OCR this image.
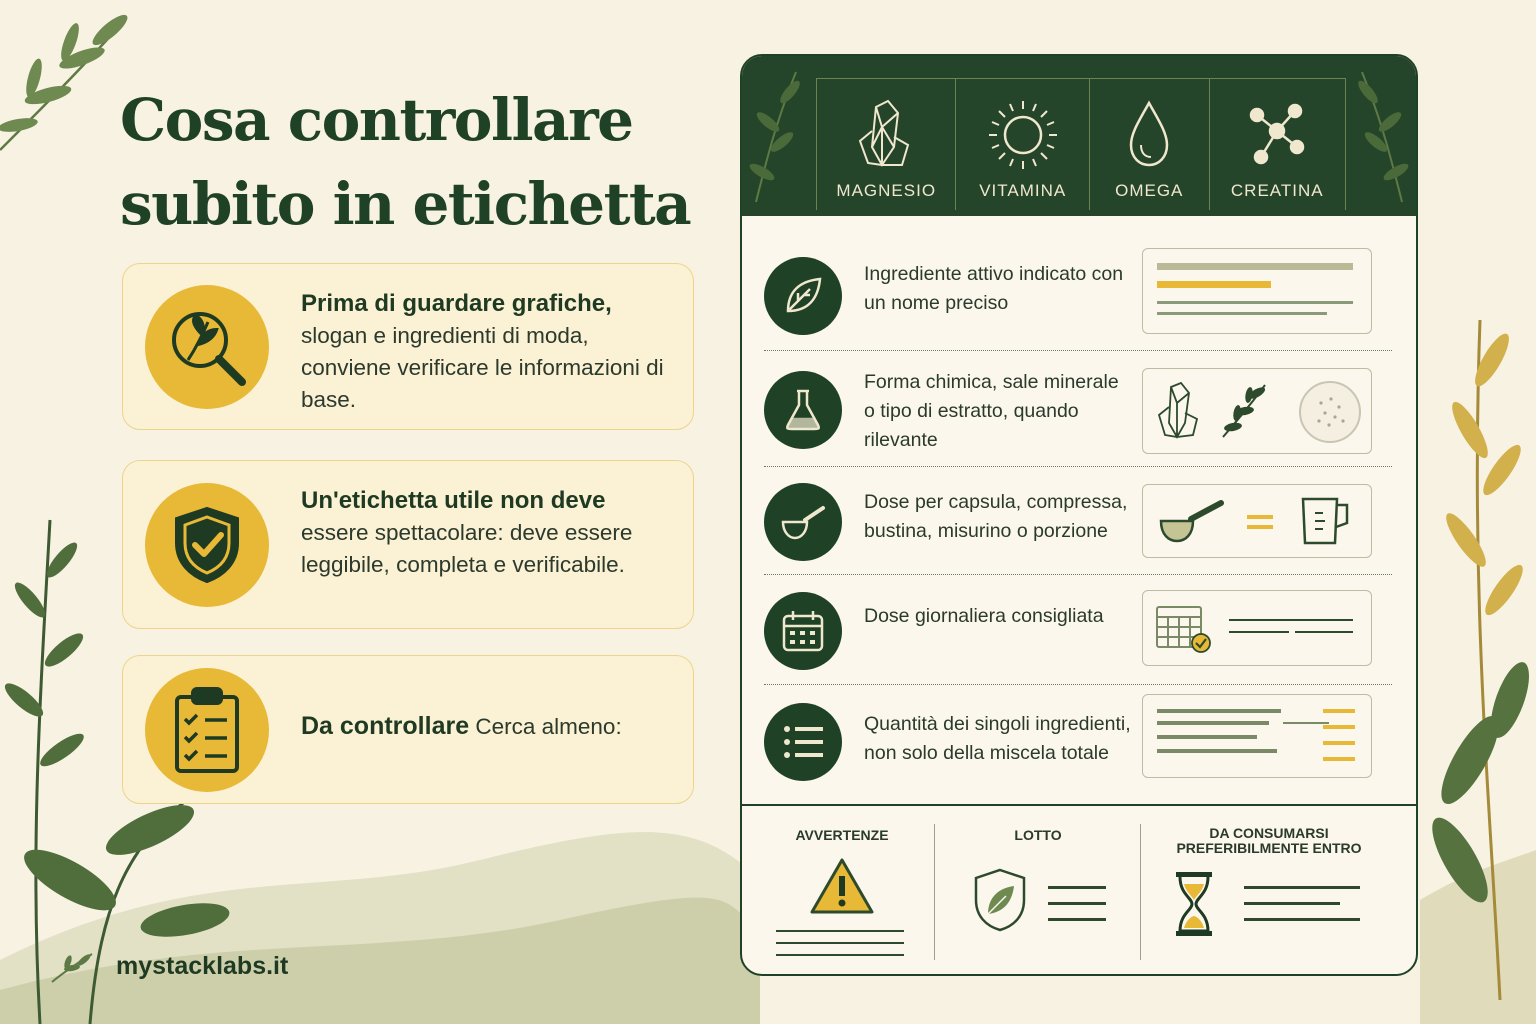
Cosa controllare subito in etichetta
Prima di guardare grafiche,
slogan e ingredienti di moda, conviene verificare le informazioni di base.
Un'etichetta utile non deve
essere spettacolare: deve essere leggibile, completa e verificabile.
Da controllare Cerca almeno:
mystacklabs.it
MAGNESIO	VITAMINA	OMEGA	CREATINA
Ingrediente attivo indicato con un nome preciso
Forma chimica, sale minerale o tipo di estratto, quando rilevante
Dose per capsula, compressa, bustina, misurino o porzione
Dose giornaliera consigliata
Quantità dei singoli ingredienti, non solo della miscela totale
AVVERTENZE	LOTTO	DA CONSUMARSI PREFERIBILMENTE ENTRO
